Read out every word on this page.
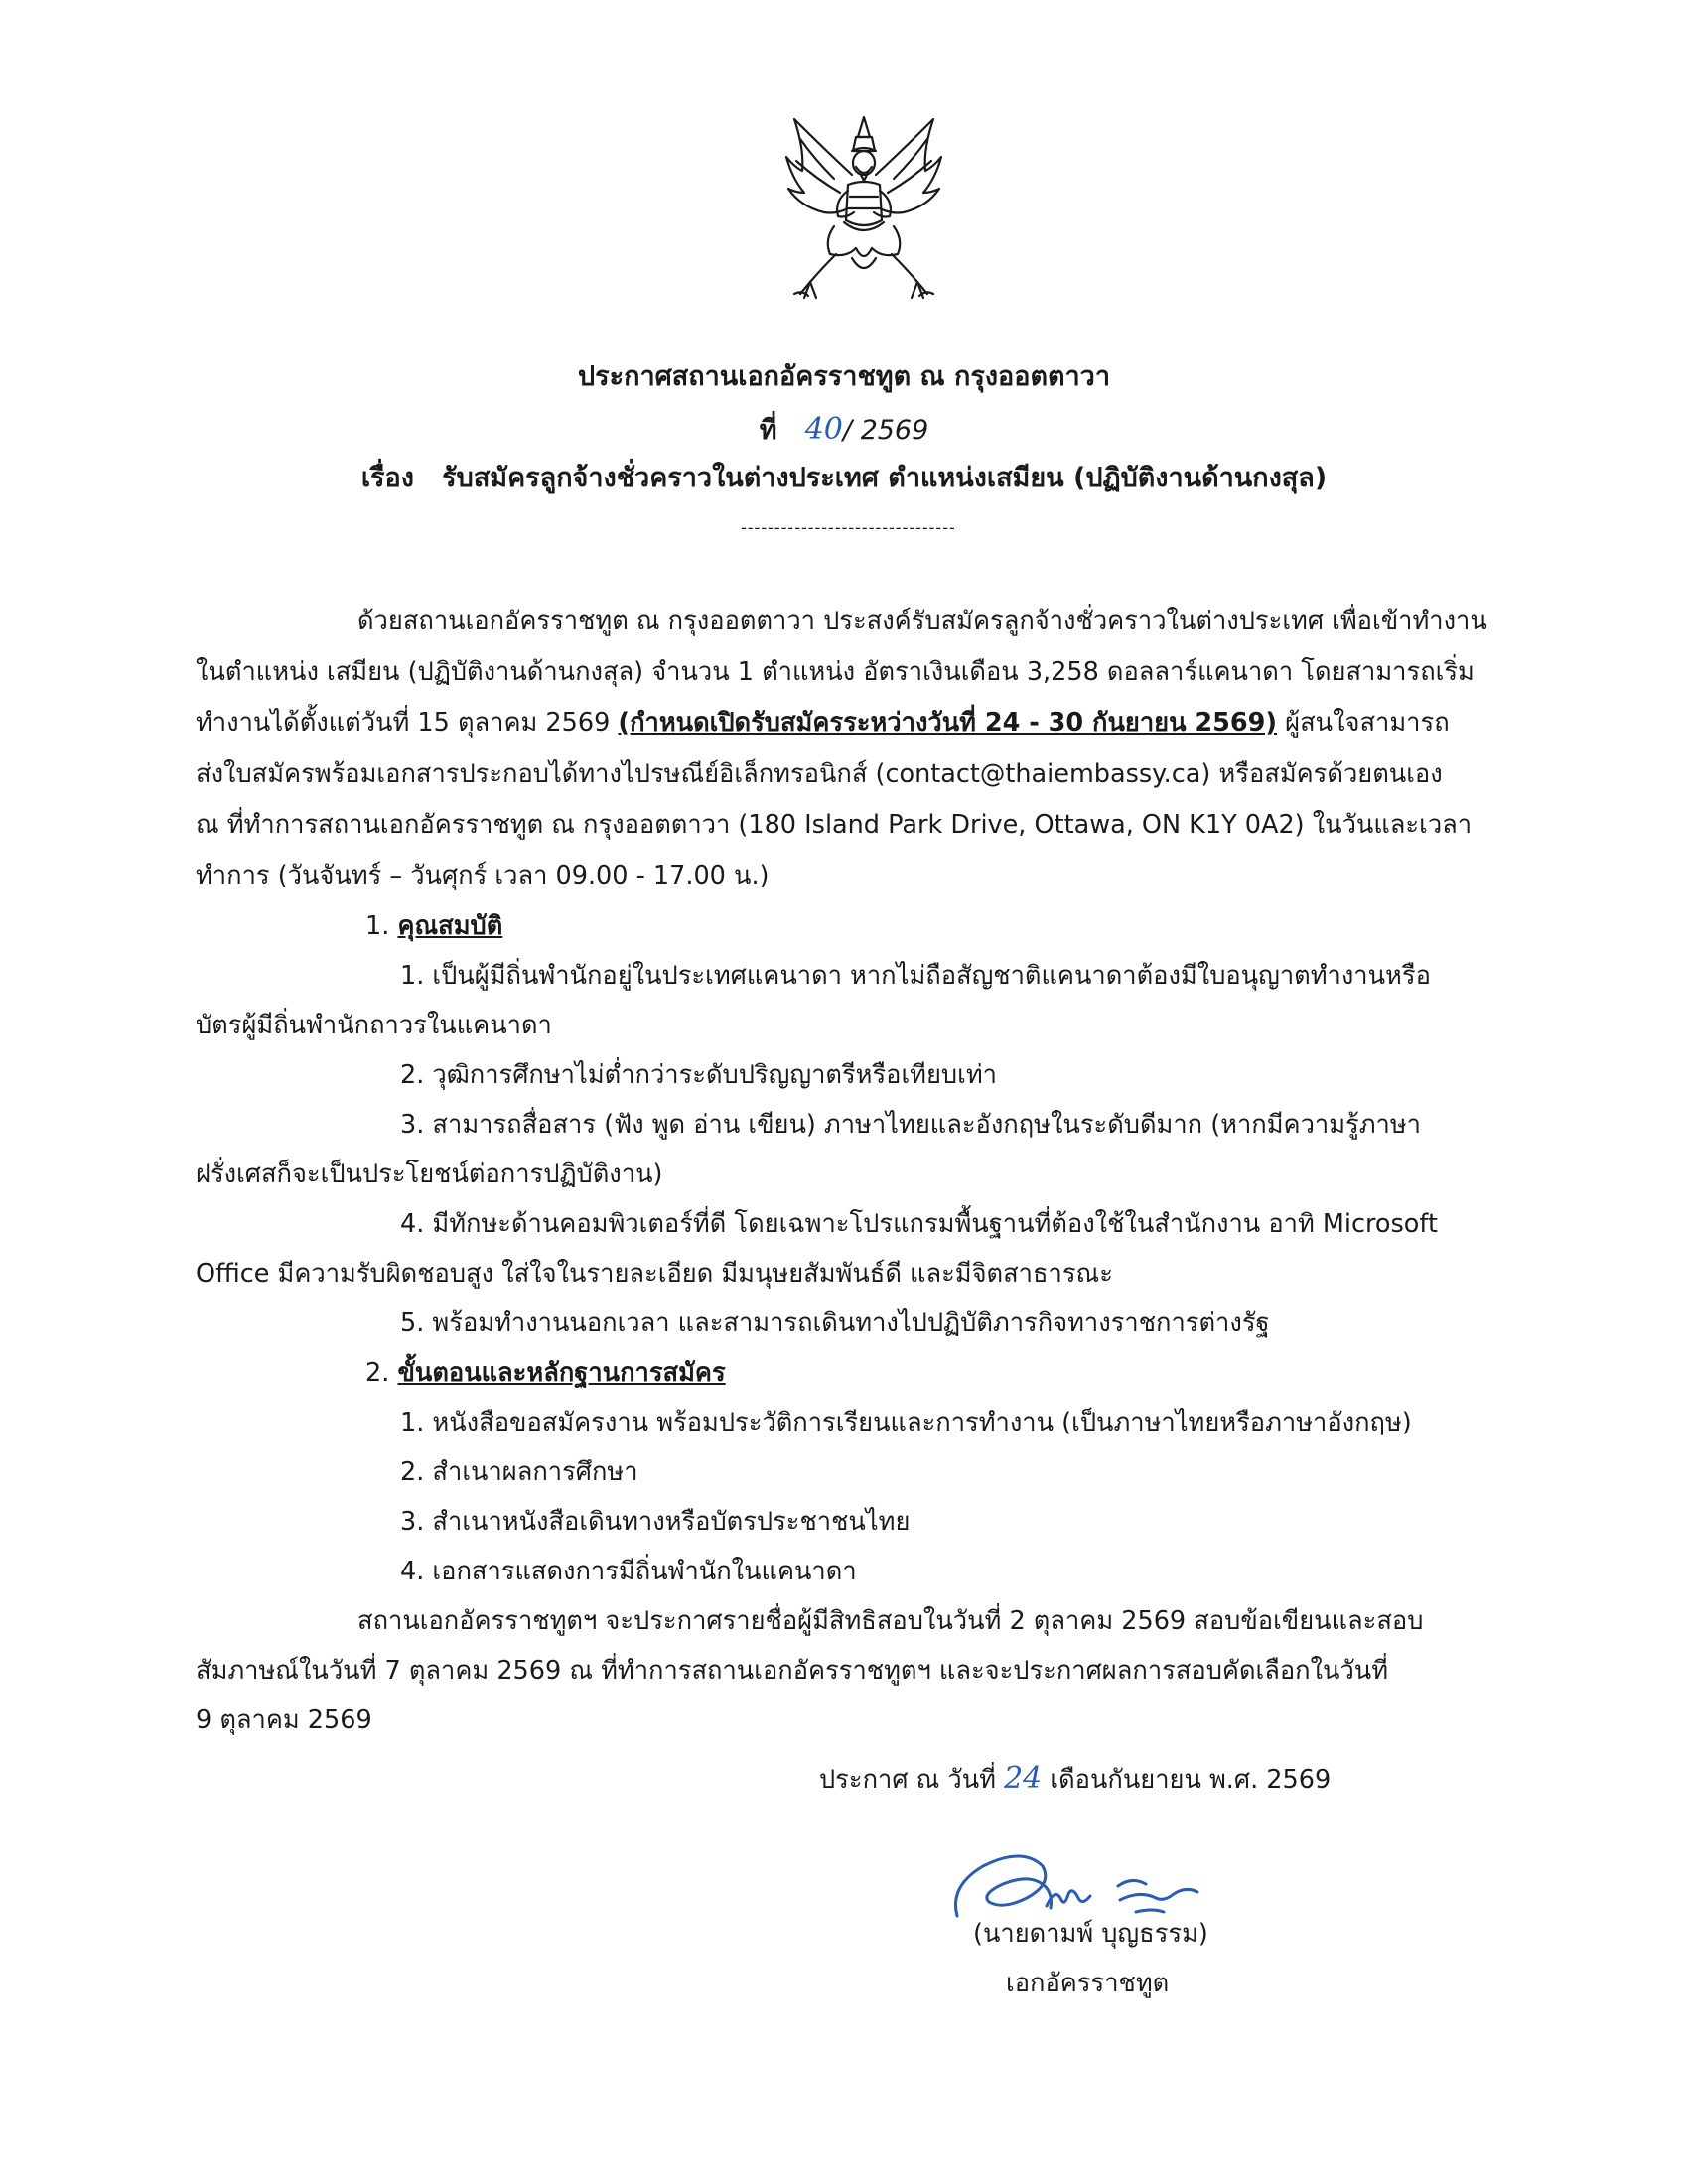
ประกาศสถานเอกอัครราชทูต ณ กรุงออตตาวา
ที่ 40/ 2569
เรื่อง รับสมัครลูกจ้างชั่วคราวในต่างประเทศ ตำแหน่งเสมียน (ปฏิบัติงานด้านกงสุล)
--------------------------------
ด้วยสถานเอกอัครราชทูต ณ กรุงออตตาวา ประสงค์รับสมัครลูกจ้างชั่วคราวในต่างประเทศ เพื่อเข้าทำงาน
ในตำแหน่ง เสมียน (ปฏิบัติงานด้านกงสุล) จำนวน 1 ตำแหน่ง อัตราเงินเดือน 3,258 ดอลลาร์แคนาดา โดยสามารถเริ่ม
ทำงานได้ตั้งแต่วันที่ 15 ตุลาคม 2569 (กำหนดเปิดรับสมัครระหว่างวันที่ 24 - 30 กันยายน 2569) ผู้สนใจสามารถ
ส่งใบสมัครพร้อมเอกสารประกอบได้ทางไปรษณีย์อิเล็กทรอนิกส์ (contact@thaiembassy.ca) หรือสมัครด้วยตนเอง
ณ ที่ทำการสถานเอกอัครราชทูต ณ กรุงออตตาวา (180 Island Park Drive, Ottawa, ON K1Y 0A2) ในวันและเวลา
ทำการ (วันจันทร์ – วันศุกร์ เวลา 09.00 - 17.00 น.)
1. คุณสมบัติ
1. เป็นผู้มีถิ่นพำนักอยู่ในประเทศแคนาดา หากไม่ถือสัญชาติแคนาดาต้องมีใบอนุญาตทำงานหรือ
บัตรผู้มีถิ่นพำนักถาวรในแคนาดา
2. วุฒิการศึกษาไม่ต่ำกว่าระดับปริญญาตรีหรือเทียบเท่า
3. สามารถสื่อสาร (ฟัง พูด อ่าน เขียน) ภาษาไทยและอังกฤษในระดับดีมาก (หากมีความรู้ภาษา
ฝรั่งเศสก็จะเป็นประโยชน์ต่อการปฏิบัติงาน)
4. มีทักษะด้านคอมพิวเตอร์ที่ดี โดยเฉพาะโปรแกรมพื้นฐานที่ต้องใช้ในสำนักงาน อาทิ Microsoft
Office มีความรับผิดชอบสูง ใส่ใจในรายละเอียด มีมนุษยสัมพันธ์ดี และมีจิตสาธารณะ
5. พร้อมทำงานนอกเวลา และสามารถเดินทางไปปฏิบัติภารกิจทางราชการต่างรัฐ
2. ขั้นตอนและหลักฐานการสมัคร
1. หนังสือขอสมัครงาน พร้อมประวัติการเรียนและการทำงาน (เป็นภาษาไทยหรือภาษาอังกฤษ)
2. สำเนาผลการศึกษา
3. สำเนาหนังสือเดินทางหรือบัตรประชาชนไทย
4. เอกสารแสดงการมีถิ่นพำนักในแคนาดา
สถานเอกอัครราชทูตฯ จะประกาศรายชื่อผู้มีสิทธิสอบในวันที่ 2 ตุลาคม 2569 สอบข้อเขียนและสอบ
สัมภาษณ์ในวันที่ 7 ตุลาคม 2569 ณ ที่ทำการสถานเอกอัครราชทูตฯ และจะประกาศผลการสอบคัดเลือกในวันที่
9 ตุลาคม 2569
ประกาศ ณ วันที่ 24 เดือนกันยายน พ.ศ. 2569
(นายดามพ์ บุญธรรม)
เอกอัครราชทูต
